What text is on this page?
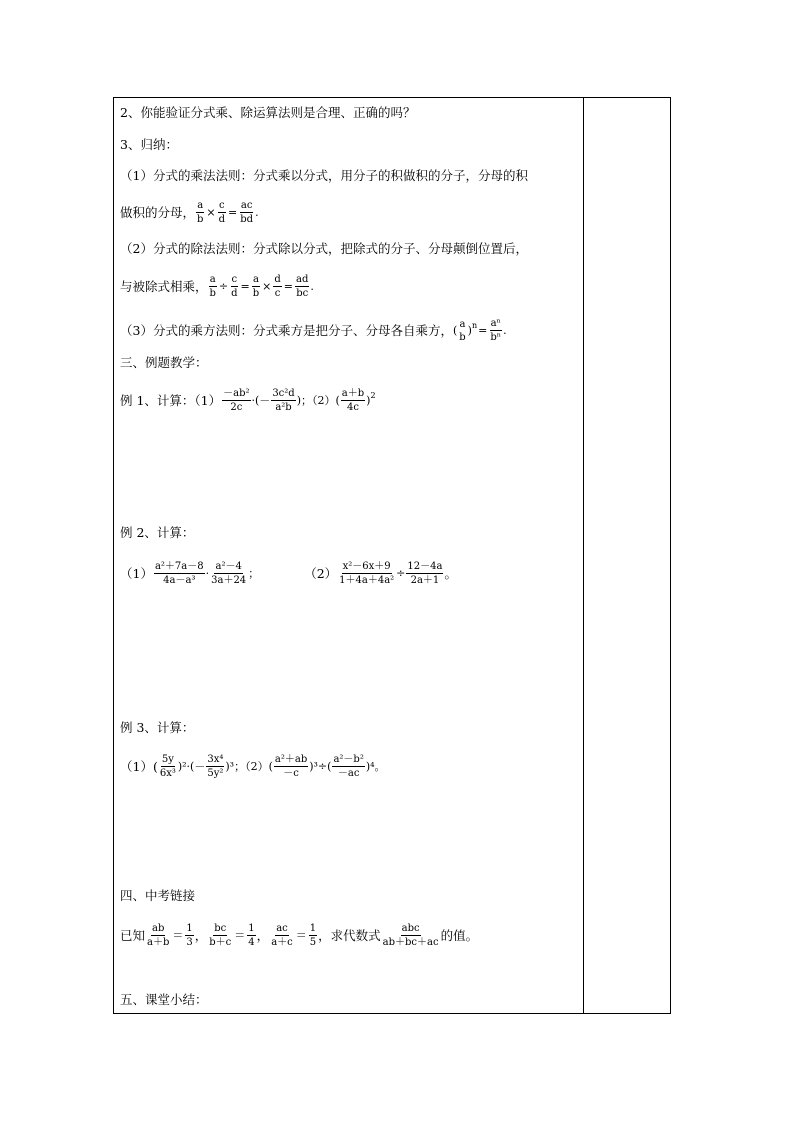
2、你能验证分式乘、除运算法则是合理、正确的吗？
3、归纳：
（1）分式的乘法法则：分式乘以分式，用分子的积做积的分子，分母的积
做积的分母， $\frac{a}{b} \times \frac{c}{d} = \frac{ac}{bd}$ .
（2）分式的除法法则：分式除以分式，把除式的分子、分母颠倒位置后，
与被除式相乘， $\frac{a}{b} \div \frac{c}{d} = \frac{a}{b} \times \frac{d}{c} = \frac{ad}{bc}$ .
（3）分式的乘方法则：分式乘方是把分子、分母各自乘方， ( a
b
) $n = \frac{\text{aⁿ}}{\text{bⁿ}}$ .
三、例题教学：
例 1、计算：$(1) \frac{\text{－ab²}}{2c}$ ·(－ $\frac{\text{3c²d}}{\text{a²b}}$ )；$(2)( \frac{a+b}{4c}$ ) 2
例 2、计算：
$(1) \frac{\text{a²＋7a－8}}{\text{4a－a³}} \cdot \frac{\text{a²－4}}{3a+24}$ ；	$(2) \frac{\text{x²－6x＋9}}{\text{1＋4a＋4a²}} \div \frac{12-4a}{2a+1}$ 。
例 3、计算：
$(1)( \frac{5y}{\text{6x³}} )^2\cdot(- \frac{\text{3x⁴}}{\text{5y²}} )^3$；$(2)( \frac{\text{a²＋ab}}{-c} )^3\div( \frac{\text{a²－b²}}{-ac} )^4$。
四、中考链接
已知 $\frac{ab}{a+b} = \frac{1}{3}$ ， $\frac{bc}{b+c} = \frac{1}{4}$ ， $\frac{ac}{a+c} = \frac{1}{5}$ ，求代数式 $\frac{\text{abc}}{ab+bc+ac}$ 的值。
五、课堂小结：
